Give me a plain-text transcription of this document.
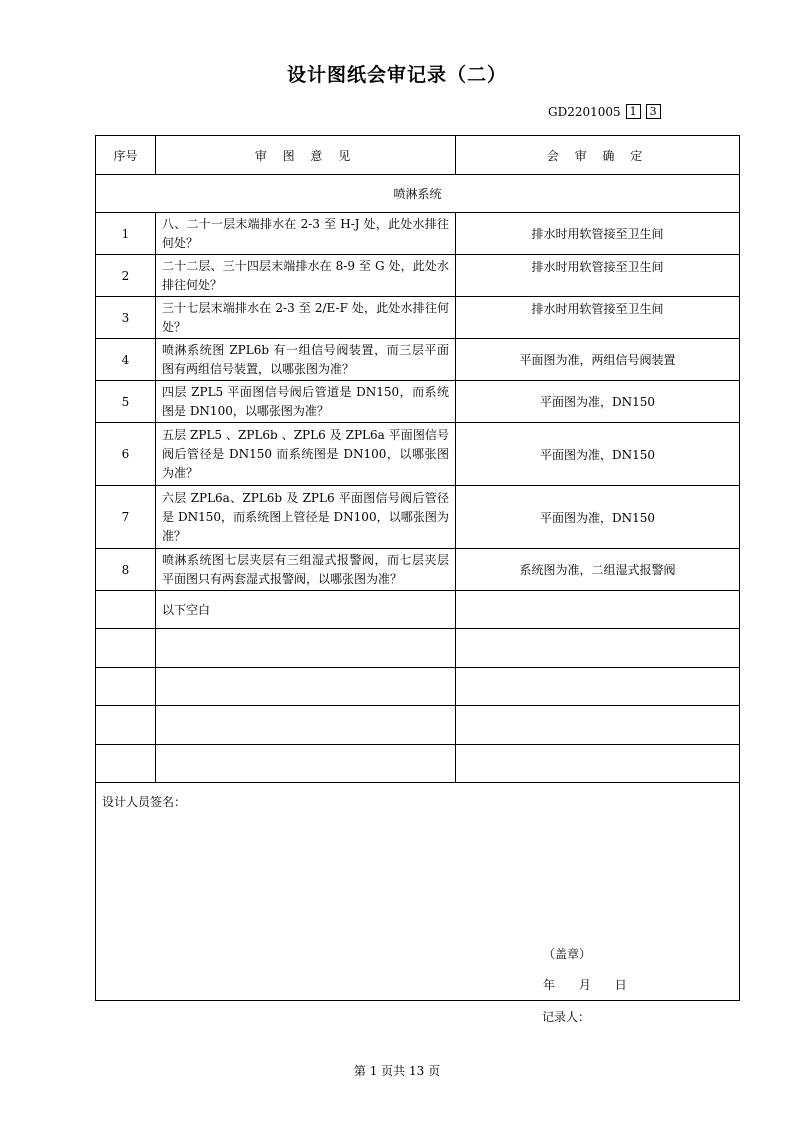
设计图纸会审记录（二）
GD2201005 1	3
序号	审 图 意 见	会 审 确 定
喷淋系统		
1	八、二十一层末端排水在 2-3 至 H-J 处，此处水排往何处？	排水时用软管接至卫生间
2	二十二层、三十四层末端排水在 8-9 至 G 处，此处水排往何处？	排水时用软管接至卫生间
3	三十七层末端排水在 2-3 至 2/E-F 处，此处水排往何处？	排水时用软管接至卫生间
4	喷淋系统图 ZPL6b 有一组信号阀装置，而三层平面图有两组信号装置，以哪张图为准？	平面图为准，两组信号阀装置
5	四层 ZPL5 平面图信号阀后管道是 DN150，而系统图是 DN100，以哪张图为准？	平面图为准，DN150
6	五层 ZPL5 、ZPL6b 、ZPL6 及 ZPL6a 平面图信号阀后管径是 DN150 而系统图是 DN100，以哪张图为准？	平面图为准，DN150
7	六层 ZPL6a、ZPL6b 及 ZPL6 平面图信号阀后管径是 DN150，而系统图上管径是 DN100，以哪张图为准？	平面图为准，DN150
8	喷淋系统图七层夹层有三组湿式报警阀，而七层夹层平面图只有两套湿式报警阀，以哪张图为准？	系统图为准，二组湿式报警阀
	以下空白	

设计人员签名：
（盖章）
年 月 日		
记录人：
第 1 页共 13 页
